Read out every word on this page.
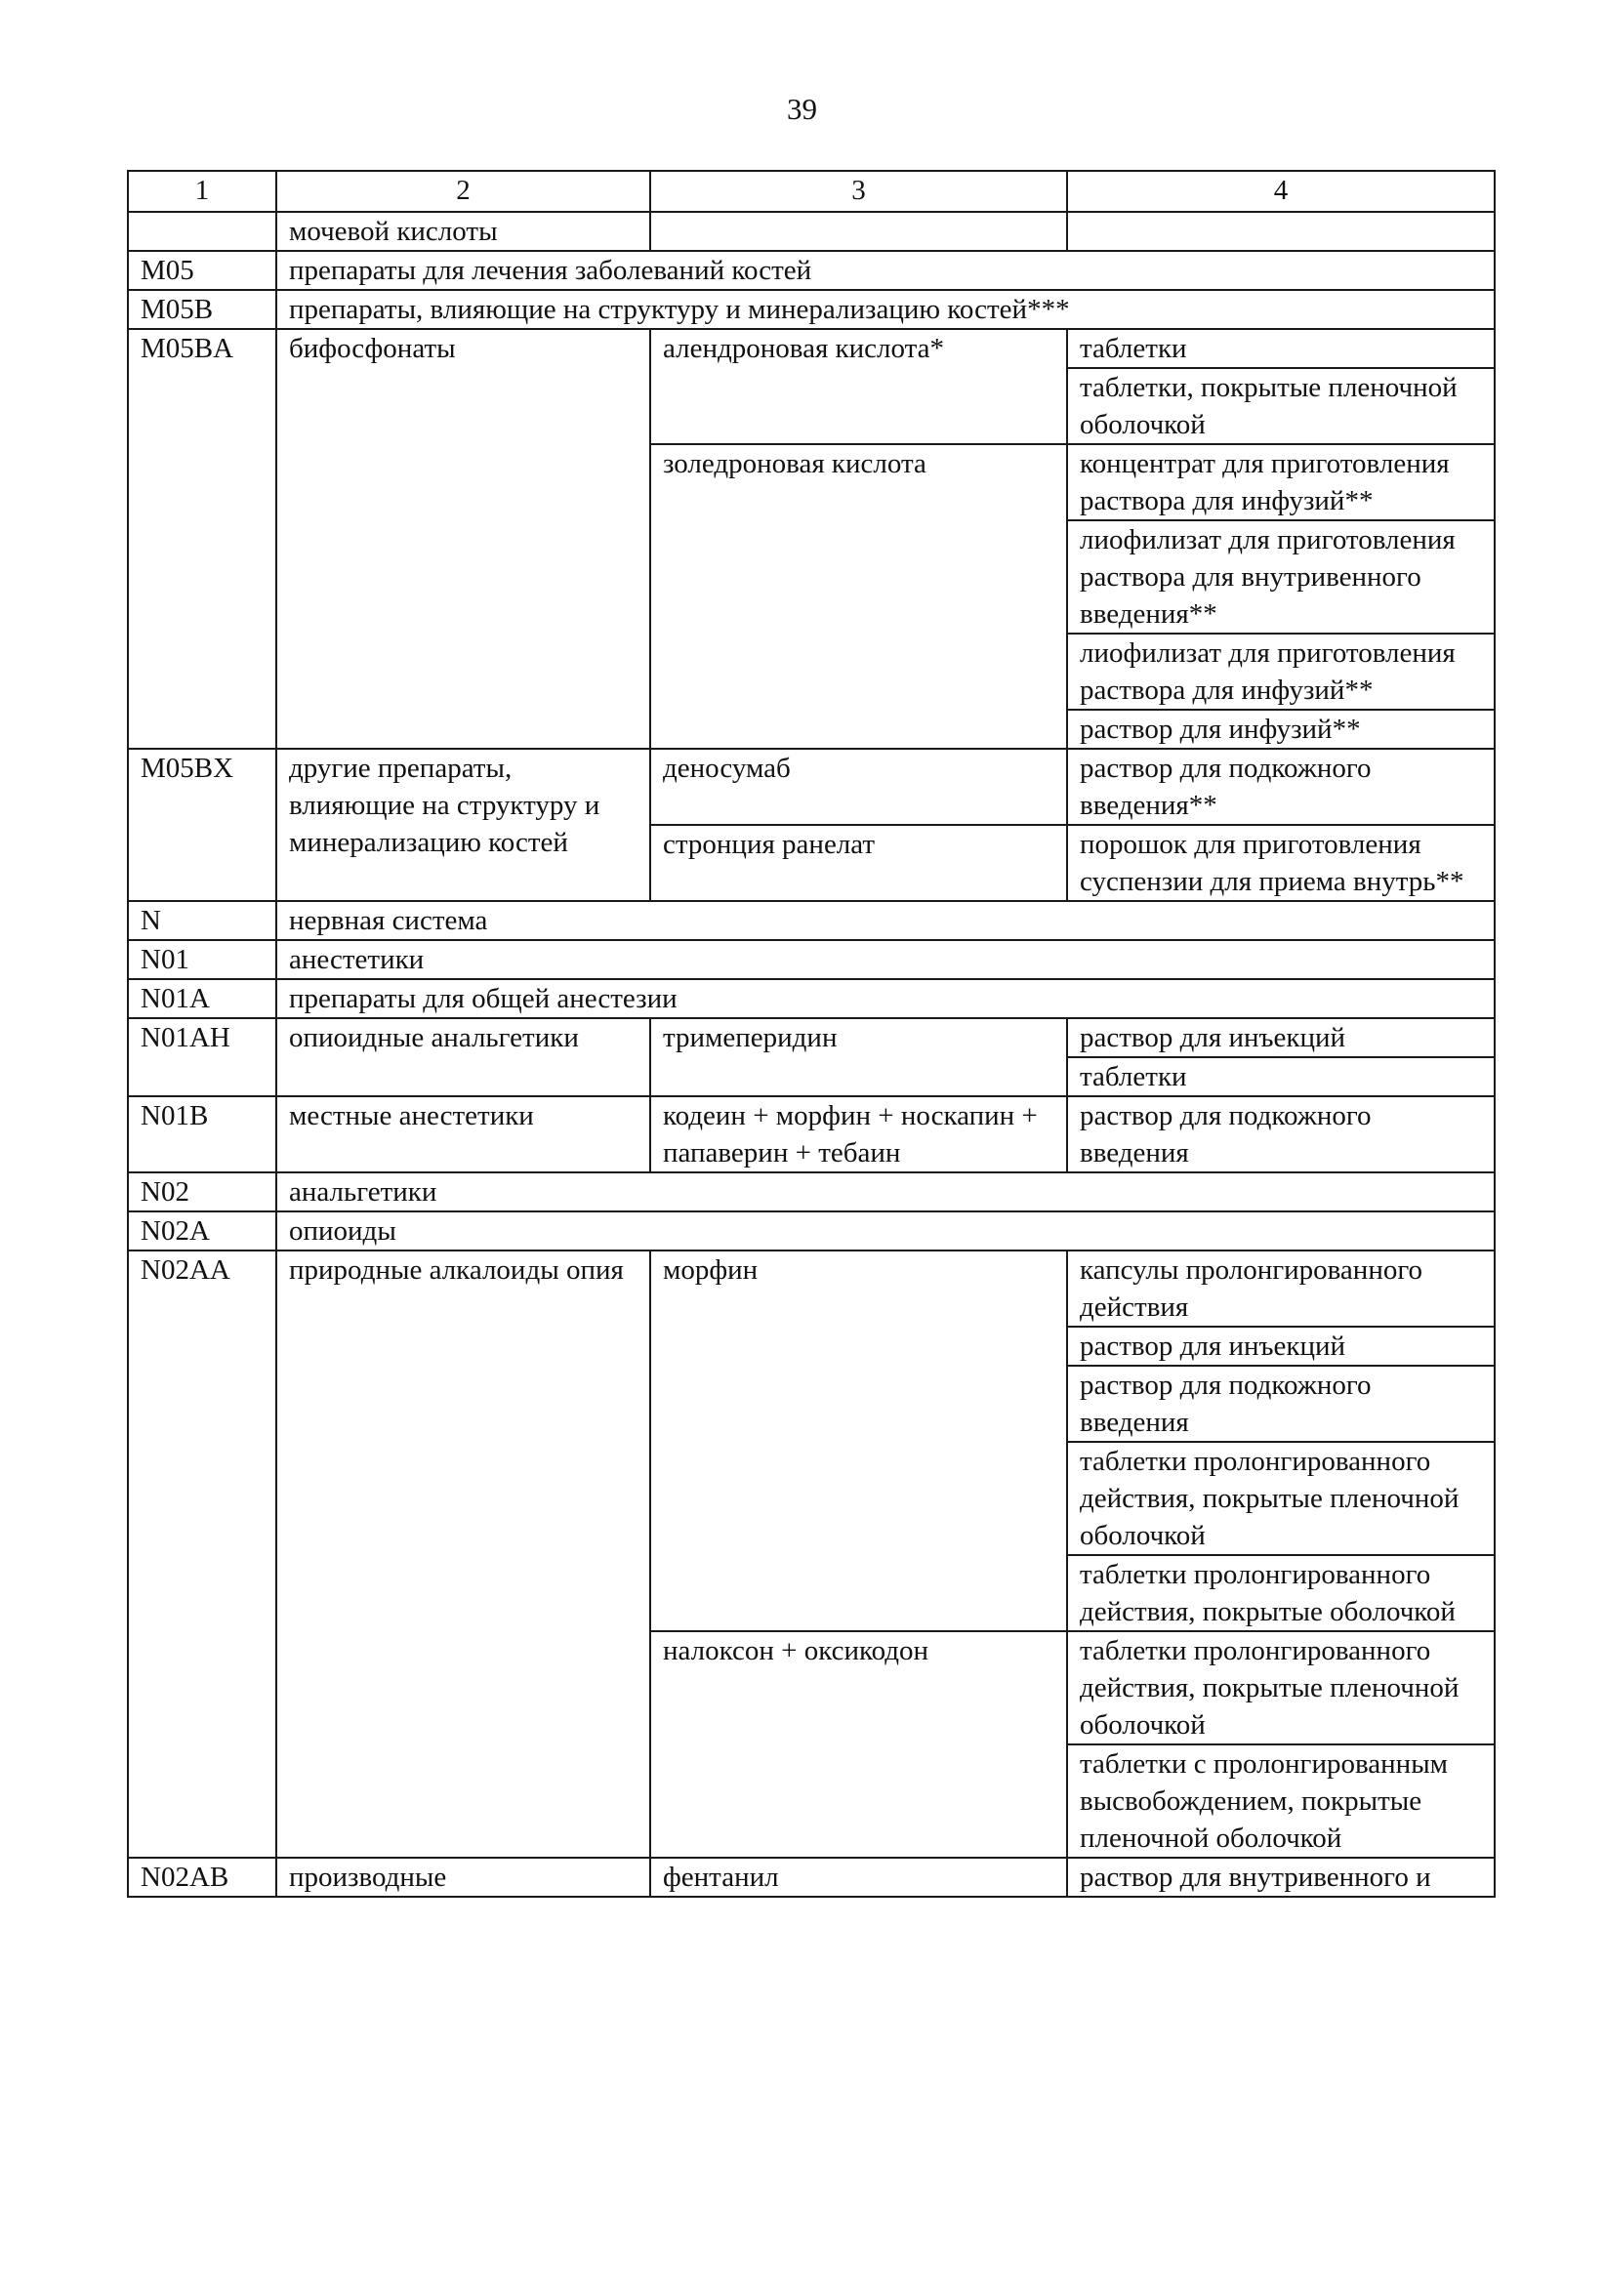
39
1	2	3	4
	мочевой кислоты		
M05	препараты для лечения заболеваний костей		
M05B	препараты, влияющие на структуру и минерализацию костей***		
M05BA	бифосфонаты	алендроновая кислота*	таблетки
			таблетки, покрытые пленочной оболочкой
		золедроновая кислота	концентрат для приготовления раствора для инфузий**
			лиофилизат для приготовления раствора для внутривенного введения**
			лиофилизат для приготовления раствора для инфузий**
			раствор для инфузий**
M05BX	другие препараты, влияющие на структуру и минерализацию костей	деносумаб	раствор для подкожного введения**
		стронция ранелат	порошок для приготовления суспензии для приема внутрь**
N	нервная система		
N01	анестетики		
N01A	препараты для общей анестезии		
N01AH	опиоидные анальгетики	тримеперидин	раствор для инъекций
			таблетки
N01B	местные анестетики	кодеин + морфин + носкапин + папаверин + тебаин	раствор для подкожного введения
N02	анальгетики		
N02A	опиоиды		
N02AA	природные алкалоиды опия	морфин	капсулы пролонгированного действия
			раствор для инъекций
			раствор для подкожного введения
			таблетки пролонгированного действия, покрытые пленочной оболочкой
			таблетки пролонгированного действия, покрытые оболочкой
		налоксон + оксикодон	таблетки пролонгированного действия, покрытые пленочной оболочкой
			таблетки с пролонгированным высвобождением, покрытые пленочной оболочкой
N02AB	производные	фентанил	раствор для внутривенного и
